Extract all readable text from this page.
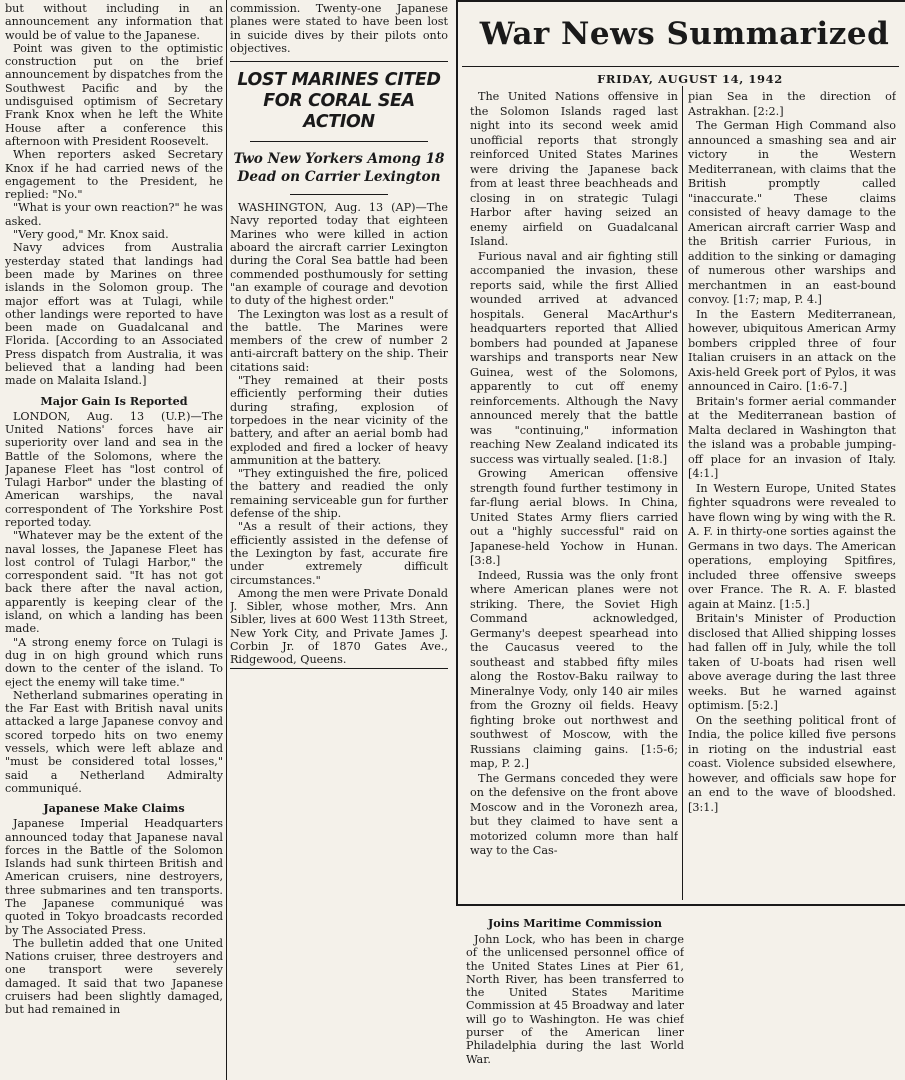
but without including in an announcement any information that would be of value to the Japanese.

Point was given to the optimistic construction put on the brief announcement by dispatches from the Southwest Pacific and by the undisguised optimism of Secretary Frank Knox when he left the White House after a conference this afternoon with President Roosevelt.

When reporters asked Secretary Knox if he had carried news of the engagement to the President, he replied: "No."

"What is your own reaction?" he was asked.

"Very good," Mr. Knox said.

Navy advices from Australia yesterday stated that landings had been made by Marines on three islands in the Solomon group. The major effort was at Tulagi, while other landings were reported to have been made on Guadalcanal and Florida. [According to an Associated Press dispatch from Australia, it was believed that a landing had been made on Malaita Island.]

Major Gain Is Reported

LONDON, Aug. 13 (U.P.)—The United Nations' forces have air superiority over land and sea in the Battle of the Solomons, where the Japanese Fleet has "lost control of Tulagi Harbor" under the blasting of American warships, the naval correspondent of The Yorkshire Post reported today.

"Whatever may be the extent of the naval losses, the Japanese Fleet has lost control of Tulagi Harbor," the correspondent said. "It has not got back there after the naval action, apparently is keeping clear of the island, on which a landing has been made.

"A strong enemy force on Tulagi is dug in on high ground which runs down to the center of the island. To eject the enemy will take time."

Netherland submarines operating in the Far East with British naval units attacked a large Japanese convoy and scored torpedo hits on two enemy vessels, which were left ablaze and "must be considered total losses," said a Netherland Admiralty communiqué.

Japanese Make Claims

Japanese Imperial Headquarters announced today that Japanese naval forces in the Battle of the Solomon Islands had sunk thirteen British and American cruisers, nine destroyers, three submarines and ten transports. The Japanese communiqué was quoted in Tokyo broadcasts recorded by The Associated Press.

The bulletin added that one United Nations cruiser, three destroyers and one transport were severely damaged. It said that two Japanese cruisers had been slightly damaged, but had remained in

commission. Twenty-one Japanese planes were stated to have been lost in suicide dives by their pilots onto objectives.

LOST MARINES CITED FOR CORAL SEA ACTION
Two New Yorkers Among 18 Dead on Carrier Lexington

WASHINGTON, Aug. 13 (AP)—The Navy reported today that eighteen Marines who were killed in action aboard the aircraft carrier Lexington during the Coral Sea battle had been commended posthumously for setting "an example of courage and devotion to duty of the highest order."

The Lexington was lost as a result of the battle. The Marines were members of the crew of number 2 anti-aircraft battery on the ship. Their citations said:

"They remained at their posts efficiently performing their duties during strafing, explosion of torpedoes in the near vicinity of the battery, and after an aerial bomb had exploded and fired a locker of heavy ammunition at the battery.

"They extinguished the fire, policed the battery and readied the only remaining serviceable gun for further defense of the ship.

"As a result of their actions, they efficiently assisted in the defense of the Lexington by fast, accurate fire under extremely difficult circumstances."

Among the men were Private Donald J. Sibler, whose mother, Mrs. Ann Sibler, lives at 600 West 113th Street, New York City, and Private James J. Corbin Jr. of 1870 Gates Ave., Ridgewood, Queens.

War News Summarized
FRIDAY, AUGUST 14, 1942

The United Nations offensive in the Solomon Islands raged last night into its second week amid unofficial reports that strongly reinforced United States Marines were driving the Japanese back from at least three beachheads and closing in on strategic Tulagi Harbor after having seized an enemy airfield on Guadalcanal Island.

Furious naval and air fighting still accompanied the invasion, these reports said, while the first Allied wounded arrived at advanced hospitals. General MacArthur's headquarters reported that Allied bombers had pounded at Japanese warships and transports near New Guinea, west of the Solomons, apparently to cut off enemy reinforcements. Although the Navy announced merely that the battle was "continuing," information reaching New Zealand indicated its success was virtually sealed. [1:8.]

Growing American offensive strength found further testimony in far-flung aerial blows. In China, United States Army fliers carried out a "highly successful" raid on Japanese-held Yochow in Hunan. [3:8.]

Indeed, Russia was the only front where American planes were not striking. There, the Soviet High Command acknowledged, Germany's deepest spearhead into the Caucasus veered to the southeast and stabbed fifty miles along the Rostov-Baku railway to Mineralnye Vody, only 140 air miles from the Grozny oil fields. Heavy fighting broke out northwest and southwest of Moscow, with the Russians claiming gains. [1:5-6; map, P. 2.]

The Germans conceded they were on the defensive on the front above Moscow and in the Voronezh area, but they claimed to have sent a motorized column more than half way to the Cas-

pian Sea in the direction of Astrakhan. [2:2.]

The German High Command also announced a smashing sea and air victory in the Western Mediterranean, with claims that the British promptly called "inaccurate." These claims consisted of heavy damage to the American aircraft carrier Wasp and the British carrier Furious, in addition to the sinking or damaging of numerous other warships and merchantmen in an east-bound convoy. [1:7; map, P. 4.]

In the Eastern Mediterranean, however, ubiquitous American Army bombers crippled three of four Italian cruisers in an attack on the Axis-held Greek port of Pylos, it was announced in Cairo. [1:6-7.]

Britain's former aerial commander at the Mediterranean bastion of Malta declared in Washington that the island was a probable jumping-off place for an invasion of Italy. [4:1.]

In Western Europe, United States fighter squadrons were revealed to have flown wing by wing with the R. A. F. in thirty-one sorties against the Germans in two days. The American operations, employing Spitfires, included three offensive sweeps over France. The R. A. F. blasted again at Mainz. [1:5.]

Britain's Minister of Production disclosed that Allied shipping losses had fallen off in July, while the toll taken of U-boats had risen well above average during the last three weeks. But he warned against optimism. [5:2.]

On the seething political front of India, the police killed five persons in rioting on the industrial east coast. Violence subsided elsewhere, however, and officials saw hope for an end to the wave of bloodshed. [3:1.]

Joins Maritime Commission

John Lock, who has been in charge of the unlicensed personnel office of the United States Lines at Pier 61, North River, has been transferred to the United States Maritime Commission at 45 Broadway and later will go to Washington. He was chief purser of the American liner Philadelphia during the last World War.
